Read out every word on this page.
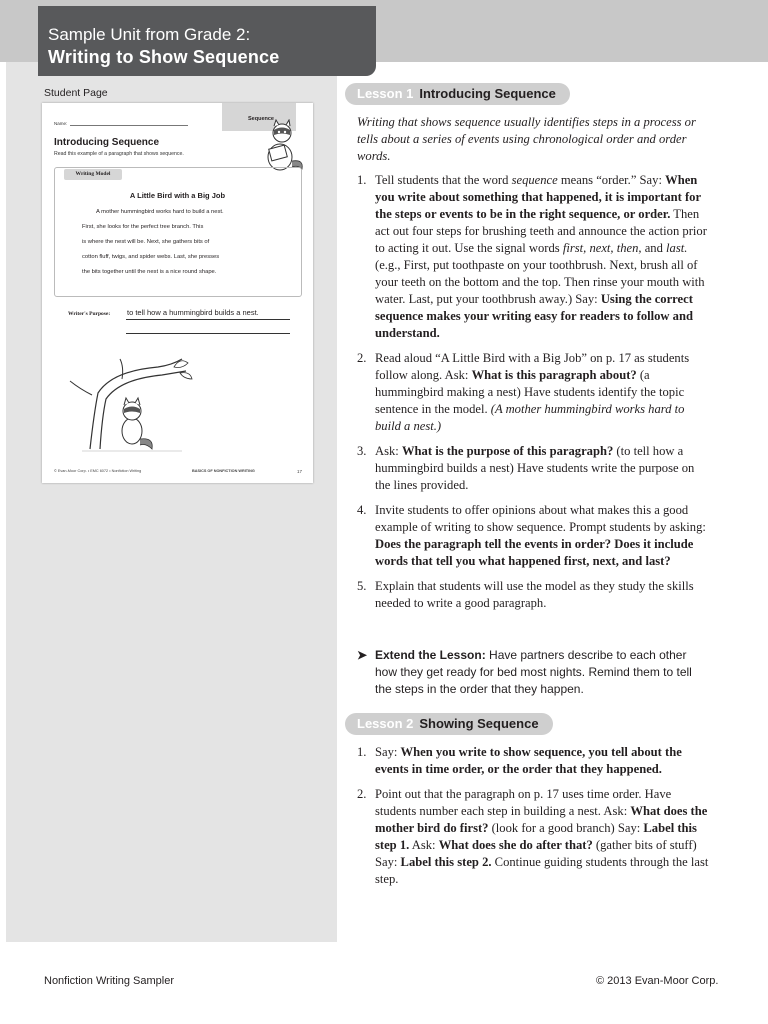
Sample Unit from Grade 2:
Writing to Show Sequence
Student Page
Name:
Sequence
Introducing Sequence
Read this example of a paragraph that shows sequence.
Writing Model
A Little Bird with a Big Job
A mother hummingbird works hard to build a nest.
First, she looks for the perfect tree branch. This
is where the nest will be. Next, she gathers bits of
cotton fluff, twigs, and spider webs. Last, she presses
the bits together until the nest is a nice round shape.
Writer's Purpose: to tell how a hummingbird builds a nest.
© Evan-Moor Corp. • EMC 6072 • Nonfiction Writing	BASICS OF NONFICTION WRITING	17
Lesson 1 Introducing Sequence
Writing that shows sequence usually identifies steps in a process or tells about a series of events using chronological order and order words.
1. Tell students that the word sequence means “order.” Say: When you write about something that happened, it is important for the steps or events to be in the right sequence, or order. Then act out four steps for brushing teeth and announce the action prior to acting it out. Use the signal words first, next, then, and last. (e.g., First, put toothpaste on your toothbrush. Next, brush all of your teeth on the bottom and the top. Then rinse your mouth with water. Last, put your toothbrush away.) Say: Using the correct sequence makes your writing easy for readers to follow and understand.
2. Read aloud “A Little Bird with a Big Job” on p. 17 as students follow along. Ask: What is this paragraph about? (a hummingbird making a nest) Have students identify the topic sentence in the model. (A mother hummingbird works hard to build a nest.)
3. Ask: What is the purpose of this paragraph? (to tell how a hummingbird builds a nest) Have students write the purpose on the lines provided.
4. Invite students to offer opinions about what makes this a good example of writing to show sequence. Prompt students by asking: Does the paragraph tell the events in order? Does it include words that tell you what happened first, next, and last?
5. Explain that students will use the model as they study the skills needed to write a good paragraph.
➤ Extend the Lesson: Have partners describe to each other how they get ready for bed most nights. Remind them to tell the steps in the order that they happen.
Lesson 2 Showing Sequence
1. Say: When you write to show sequence, you tell about the events in time order, or the order that they happened.
2. Point out that the paragraph on p. 17 uses time order. Have students number each step in building a nest. Ask: What does the mother bird do first? (look for a good branch) Say: Label this step 1. Ask: What does she do after that? (gather bits of stuff) Say: Label this step 2. Continue guiding students through the last step.
Nonfiction Writing Sampler	© 2013 Evan-Moor Corp.
